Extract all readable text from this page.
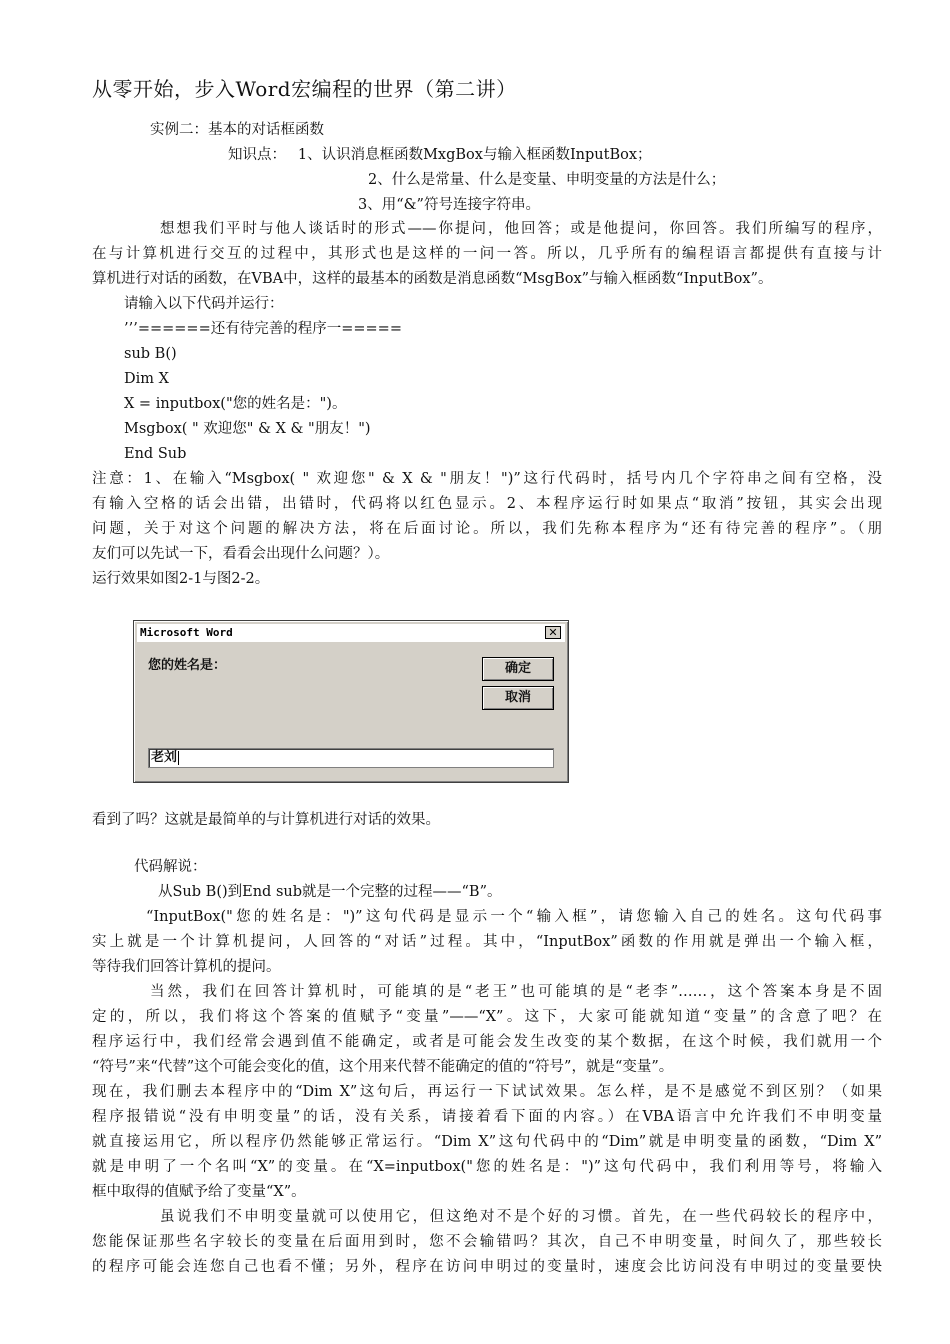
从零开始，步入Word宏编程的世界（第二讲）
实例二：基本的对话框函数
知识点：　 1、认识消息框函数MxgBox与输入框函数InputBox；
2、什么是常量、什么是变量、申明变量的方法是什么；
3、用“&”符号连接字符串。
想想我们平时与他人谈话时的形式——你提问，他回答；或是他提问，你回答。我们所编写的程序，
在与计算机进行交互的过程中，其形式也是这样的一问一答。所以，几乎所有的编程语言都提供有直接与计
算机进行对话的函数，在VBA中，这样的最基本的函数是消息函数“MsgBox”与输入框函数“InputBox”。
请输入以下代码并运行：
’’’======还有待完善的程序一=====
sub B()
Dim X
X = inputbox("您的姓名是：")。
Msgbox( " 欢迎您" & X & "朋友！")
End Sub
注意：1、在输入“Msgbox( " 欢迎您" & X & "朋友！")”这行代码时，括号内几个字符串之间有空格，没
有输入空格的话会出错，出错时，代码将以红色显示。2、本程序运行时如果点“取消”按钮，其实会出现
问题，关于对这个问题的解决方法，将在后面讨论。所以，我们先称本程序为“还有待完善的程序”。（朋
友们可以先试一下，看看会出现什么问题？）。
运行效果如图2-1与图2-2。
Microsoft Word	✕
您的姓名是：	确定
取消
老刘
看到了吗？这就是最简单的与计算机进行对话的效果。
代码解说：
从Sub B()到End sub就是一个完整的过程——“B”。
“InputBox("您的姓名是：")”这句代码是显示一个“输入框”，请您输入自己的姓名。这句代码事
实上就是一个计算机提问，人回答的“对话”过程。其中，“InputBox”函数的作用就是弹出一个输入框，
等待我们回答计算机的提问。
当然，我们在回答计算机时，可能填的是“老王”也可能填的是“老李”……，这个答案本身是不固
定的，所以，我们将这个答案的值赋予“变量”——“X”。这下，大家可能就知道“变量”的含意了吧？在
程序运行中，我们经常会遇到值不能确定，或者是可能会发生改变的某个数据，在这个时候，我们就用一个
“符号”来“代替”这个可能会变化的值，这个用来代替不能确定的值的“符号”，就是“变量”。
现在，我们删去本程序中的“Dim X”这句后，再运行一下试试效果。怎么样，是不是感觉不到区别？（如果
程序报错说“没有申明变量”的话，没有关系，请接着看下面的内容。）在VBA语言中允许我们不申明变量
就直接运用它，所以程序仍然能够正常运行。“Dim X”这句代码中的“Dim”就是申明变量的函数，“Dim X”
就是申明了一个名叫“X”的变量。在“X=inputbox("您的姓名是：")”这句代码中，我们利用等号，将输入
框中取得的值赋予给了变量“X”。
虽说我们不申明变量就可以使用它，但这绝对不是个好的习惯。首先，在一些代码较长的程序中，
您能保证那些名字较长的变量在后面用到时，您不会输错吗？其次，自己不申明变量，时间久了，那些较长
的程序可能会连您自己也看不懂；另外，程序在访问申明过的变量时，速度会比访问没有申明过的变量要快
